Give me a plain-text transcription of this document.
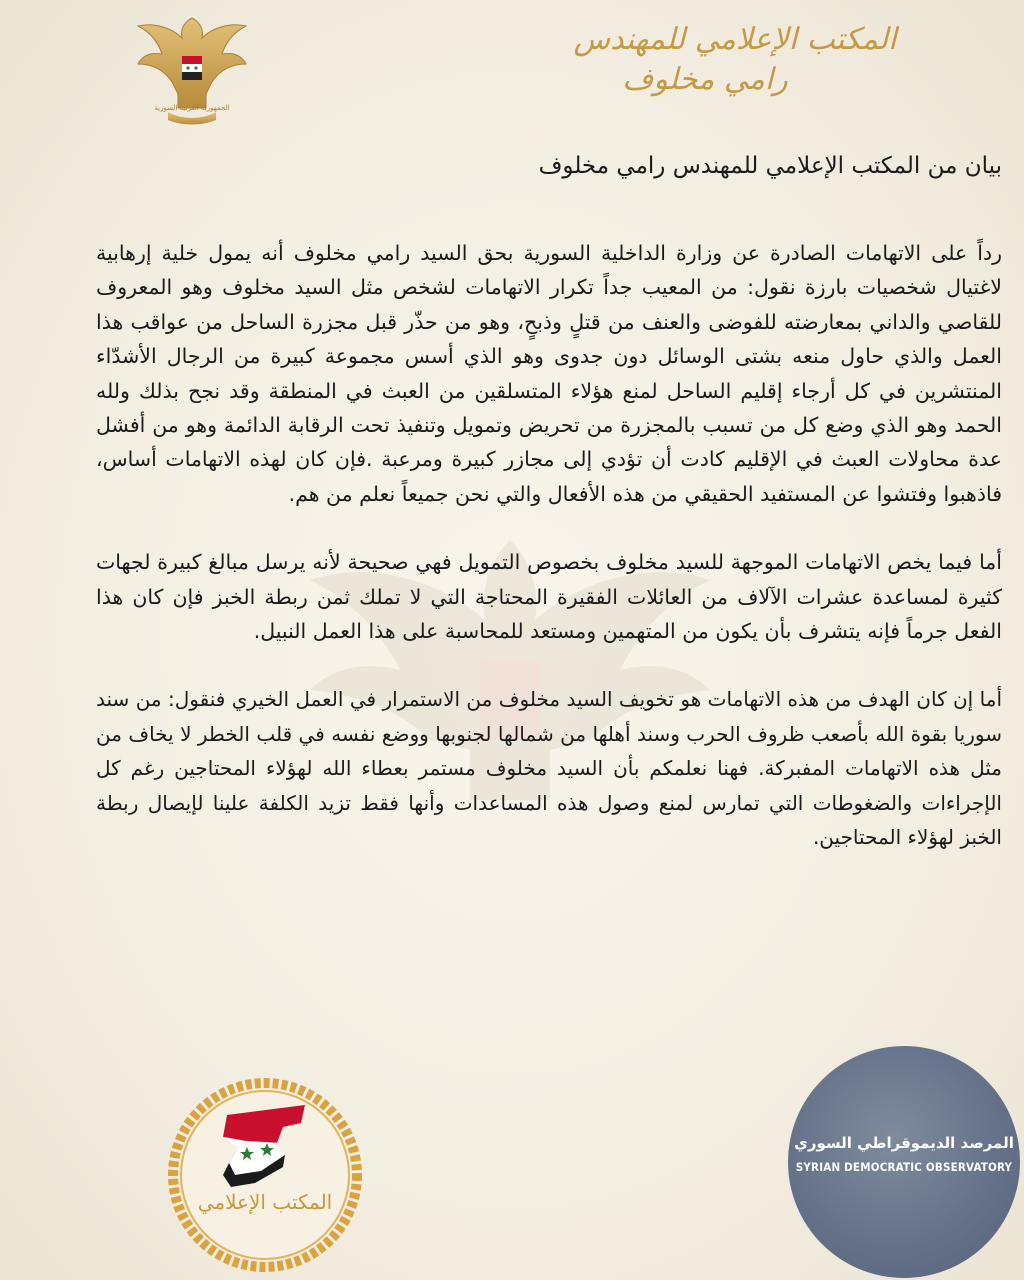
الجمهورية العربية السورية
المكتب الإعلامي للمهندس
رامي مخلوف
بيان من المكتب الإعلامي للمهندس رامي مخلوف

رداً على الاتهامات الصادرة عن وزارة الداخلية السورية بحق السيد رامي مخلوف أنه يمول خلية إرهابية لاغتيال شخصيات بارزة نقول: من المعيب جداً تكرار الاتهامات لشخص مثل السيد مخلوف وهو المعروف للقاصي والداني بمعارضته للفوضى والعنف من قتلٍ وذبحٍ، وهو من حذّر قبل مجزرة الساحل من عواقب هذا العمل والذي حاول منعه بشتى الوسائل دون جدوى وهو الذي أسس مجموعة كبيرة من الرجال الأشدّاء المنتشرين في كل أرجاء إقليم الساحل لمنع هؤلاء المتسلقين من العبث في المنطقة وقد نجح بذلك ولله الحمد وهو الذي وضع كل من تسبب بالمجزرة من تحريض وتمويل وتنفيذ تحت الرقابة الدائمة وهو من أفشل عدة محاولات العبث في الإقليم كادت أن تؤدي إلى مجازر كبيرة ومرعبة .فإن كان لهذه الاتهامات أساس، فاذهبوا وفتشوا عن المستفيد الحقيقي من هذه الأفعال والتي نحن جميعاً نعلم من هم.

أما فيما يخص الاتهامات الموجهة للسيد مخلوف بخصوص التمويل فهي صحيحة لأنه يرسل مبالغ كبيرة لجهات كثيرة لمساعدة عشرات الآلاف من العائلات الفقيرة المحتاجة التي لا تملك ثمن ربطة الخبز فإن كان هذا الفعل جرماً فإنه يتشرف بأن يكون من المتهمين ومستعد للمحاسبة على هذا العمل النبيل.

أما إن كان الهدف من هذه الاتهامات هو تخويف السيد مخلوف من الاستمرار في العمل الخيري فنقول: من سند سوريا بقوة الله بأصعب ظروف الحرب وسند أهلها من شمالها لجنوبها ووضع نفسه في قلب الخطر لا يخاف من مثل هذه الاتهامات المفبركة. فهنا نعلمكم بأن السيد مخلوف مستمر بعطاء الله لهؤلاء المحتاجين رغم كل الإجراءات والضغوطات التي تمارس لمنع وصول هذه المساعدات وأنها فقط تزيد الكلفة علينا لإيصال ربطة الخبز لهؤلاء المحتاجين.

المكتب الإعلامي
المرصد الديموقراطي السوري
SYRIAN DEMOCRATIC OBSERVATORY
